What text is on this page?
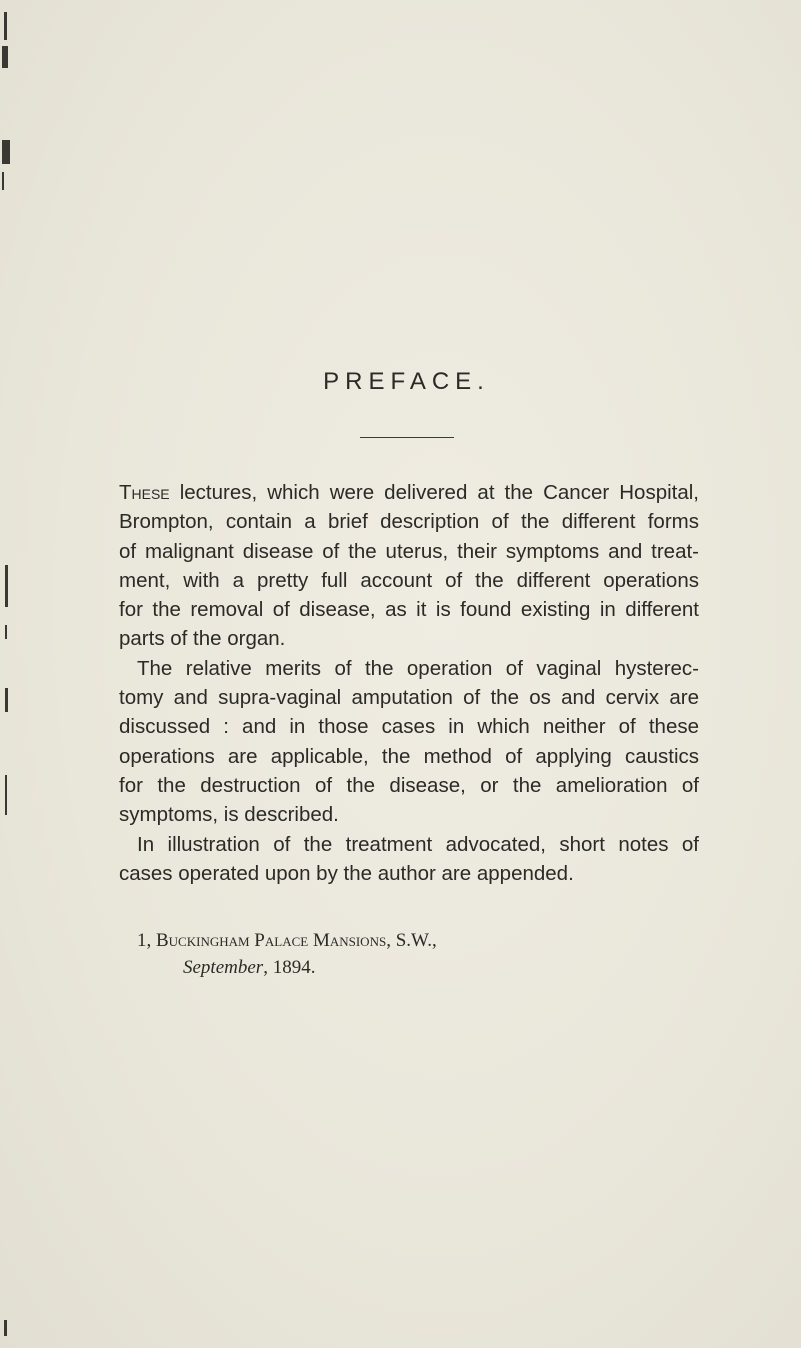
PREFACE.

These lectures, which were delivered at the Cancer Hospital,
Brompton, contain a brief description of the different forms
of malignant disease of the uterus, their symptoms and treat-
ment, with a pretty full account of the different operations
for the removal of disease, as it is found existing in different
parts of the organ.

The relative merits of the operation of vaginal hysterec-
tomy and supra-vaginal amputation of the os and cervix are
discussed : and in those cases in which neither of these
operations are applicable, the method of applying caustics
for the destruction of the disease, or the amelioration of
symptoms, is described.

In illustration of the treatment advocated, short notes of
cases operated upon by the author are appended.

1, Buckingham Palace Mansions, S.W.,
September, 1894.
